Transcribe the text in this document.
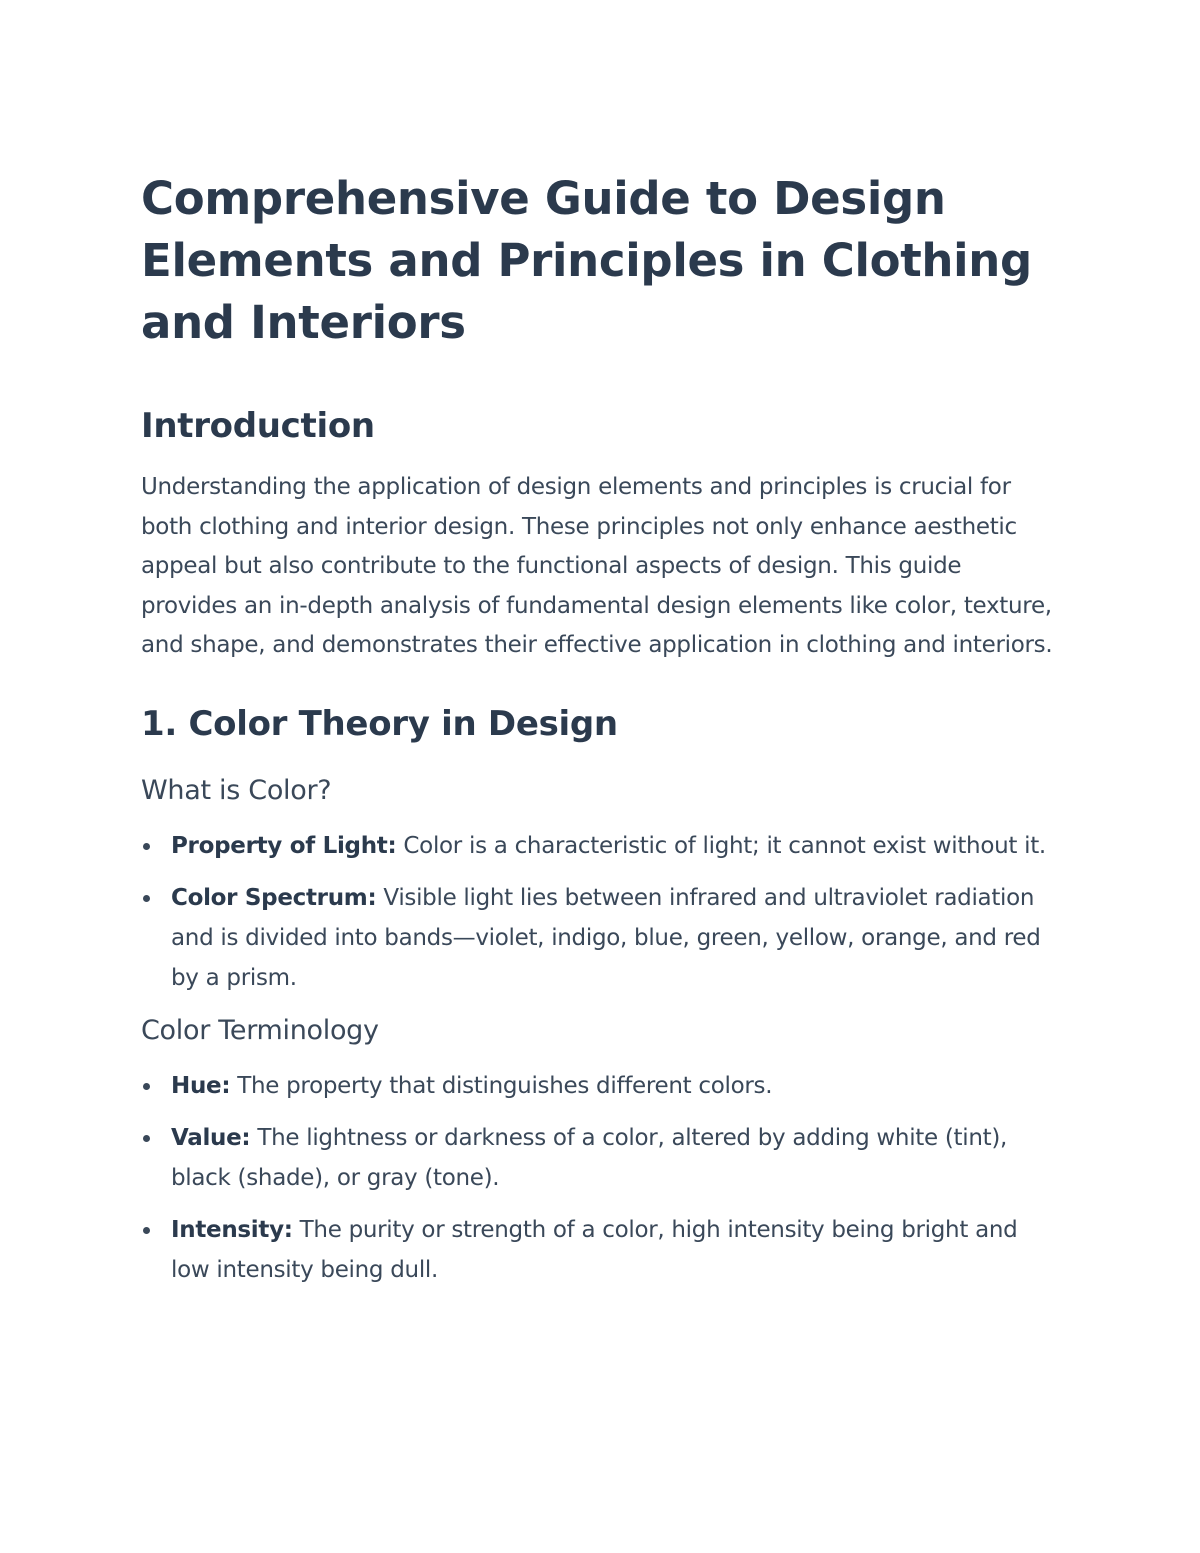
Comprehensive Guide to Design Elements and Principles in Clothing and Interiors
Introduction

Understanding the application of design elements and principles is crucial for both clothing and interior design. These principles not only enhance aesthetic appeal but also contribute to the functional aspects of design. This guide provides an in-depth analysis of fundamental design elements like color, texture, and shape, and demonstrates their effective application in clothing and interiors.

1. Color Theory in Design
What is Color?
Property of Light: Color is a characteristic of light; it cannot exist without it.
Color Spectrum: Visible light lies between infrared and ultraviolet radiation and is divided into bands—violet, indigo, blue, green, yellow, orange, and red by a prism.
Color Terminology
Hue: The property that distinguishes different colors.
Value: The lightness or darkness of a color, altered by adding white (tint), black (shade), or gray (tone).
Intensity: The purity or strength of a color, high intensity being bright and low intensity being dull.
